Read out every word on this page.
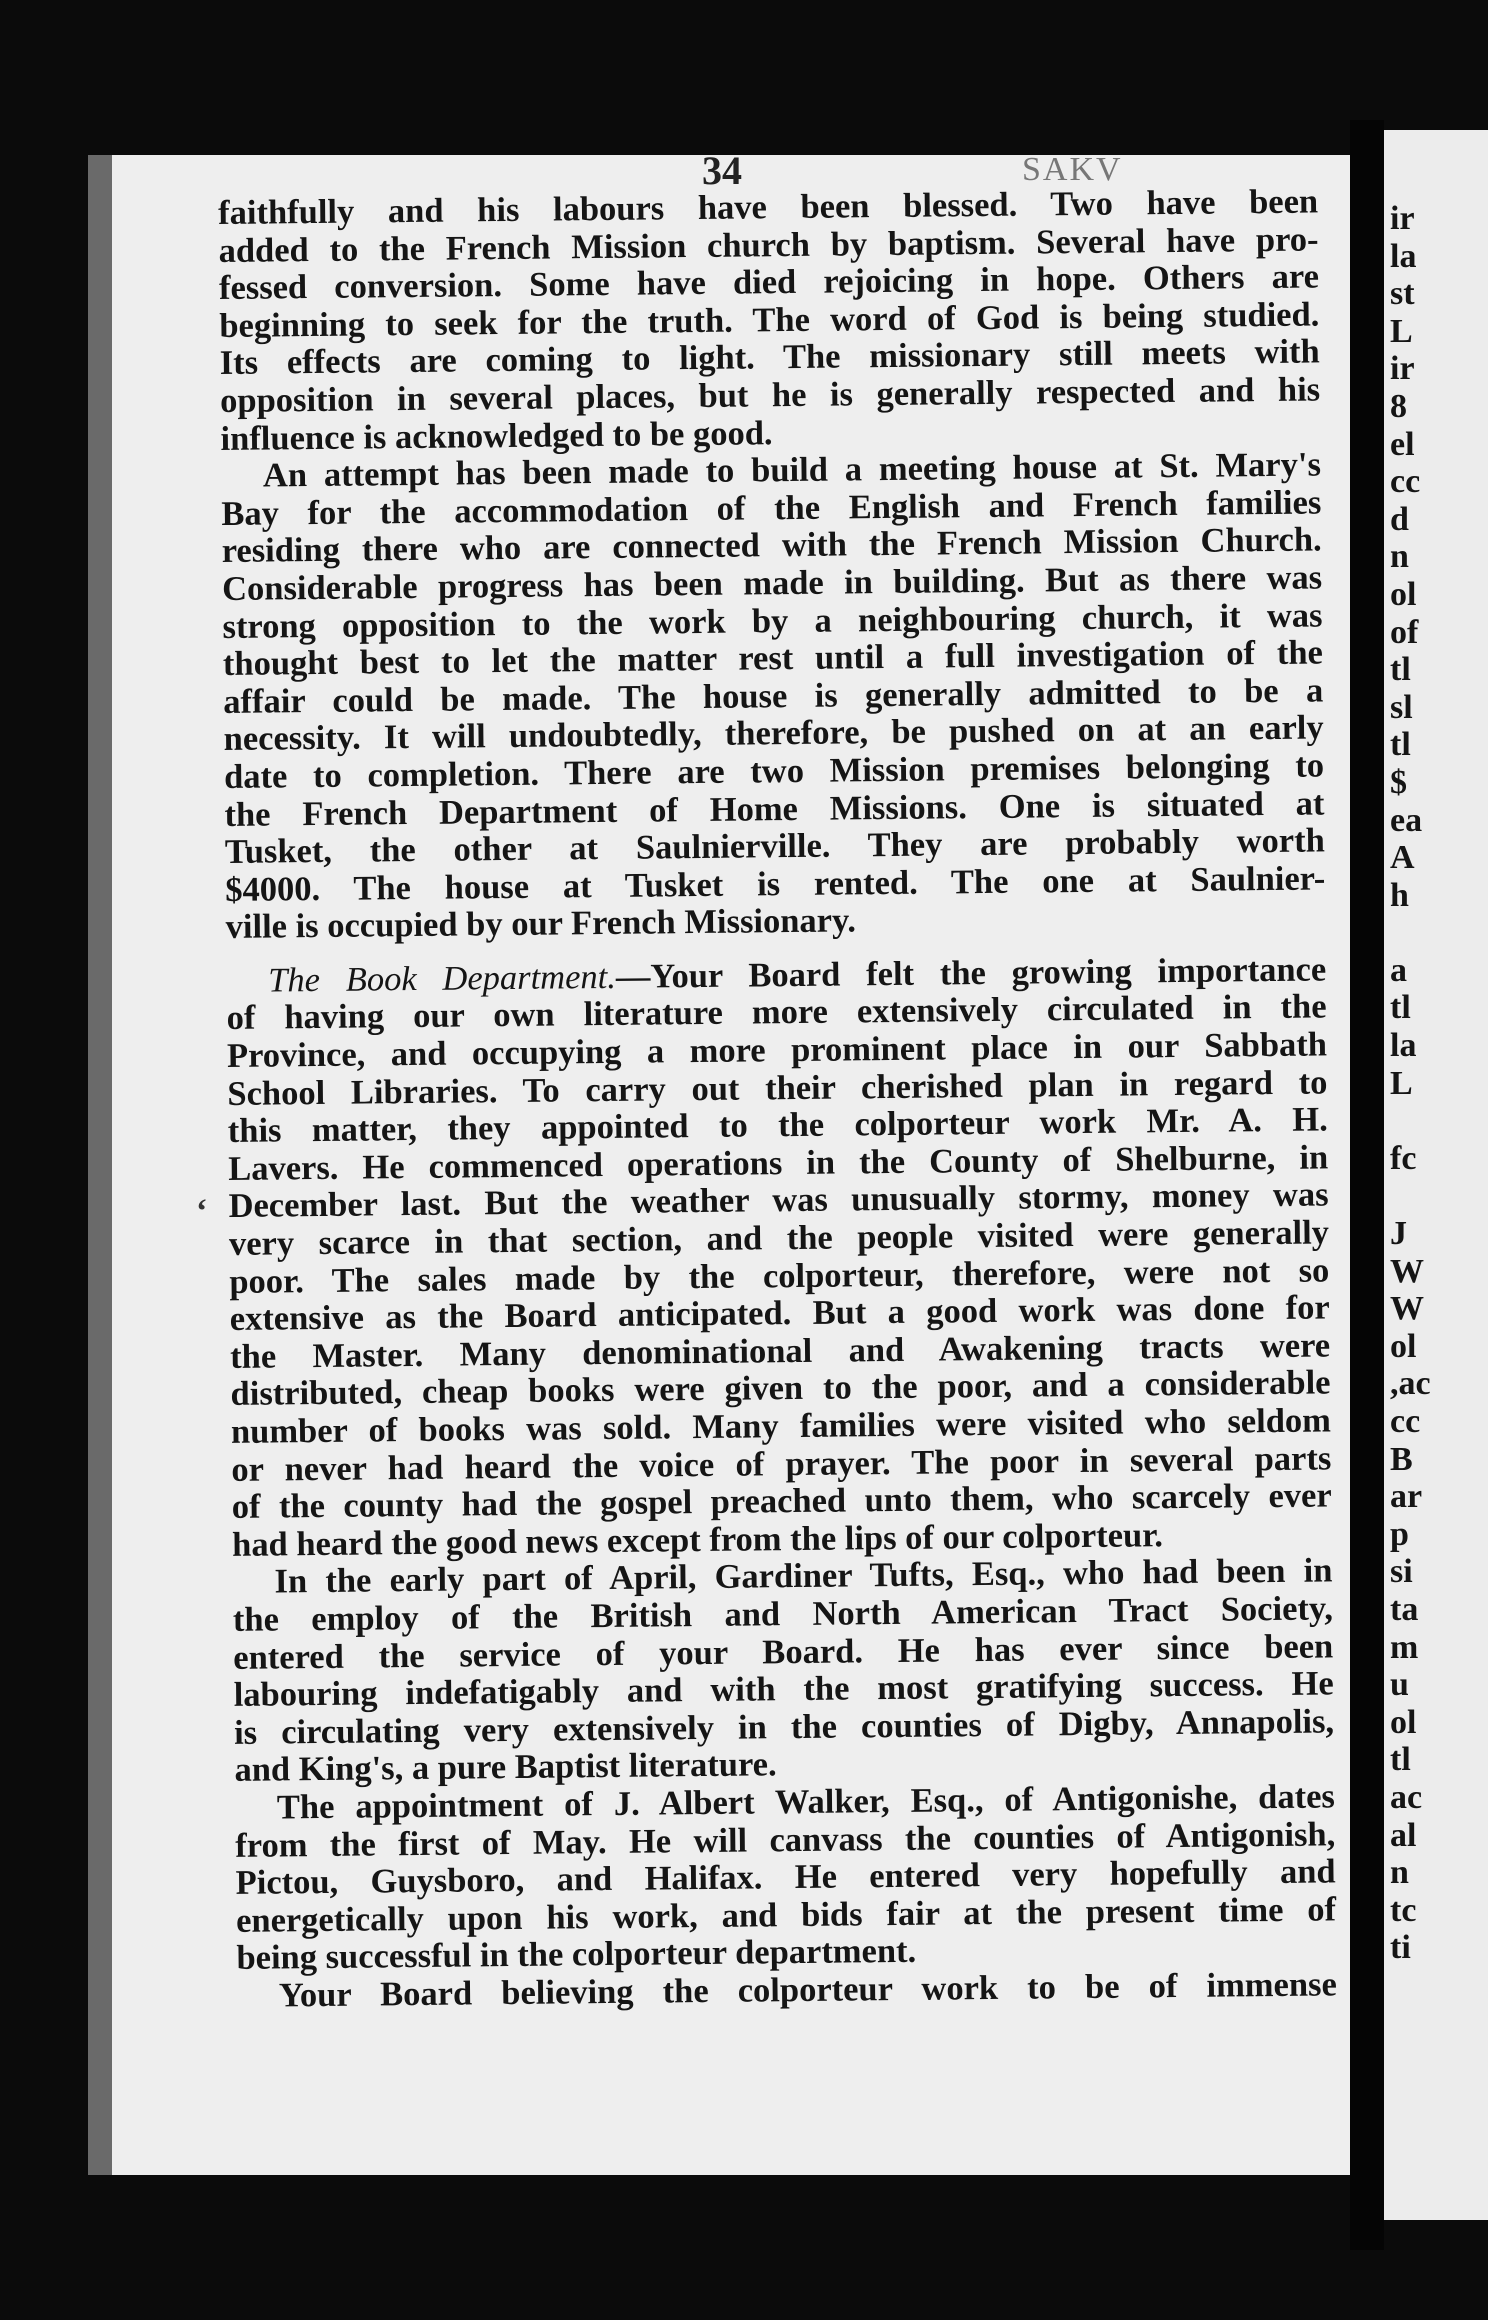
34	SAKV
faithfully and his labours have been blessed. Two have been
added to the French Mission church by baptism. Several have pro-
fessed conversion. Some have died rejoicing in hope. Others are
beginning to seek for the truth. The word of God is being studied.
Its effects are coming to light. The missionary still meets with
opposition in several places, but he is generally respected and his
influence is acknowledged to be good.
An attempt has been made to build a meeting house at St. Mary's
Bay for the accommodation of the English and French families
residing there who are connected with the French Mission Church.
Considerable progress has been made in building. But as there was
strong opposition to the work by a neighbouring church, it was
thought best to let the matter rest until a full investigation of the
affair could be made. The house is generally admitted to be a
necessity. It will undoubtedly, therefore, be pushed on at an early
date to completion. There are two Mission premises belonging to
the French Department of Home Missions. One is situated at
Tusket, the other at Saulnierville. They are probably worth
$4000. The house at Tusket is rented. The one at Saulnier-
ville is occupied by our French Missionary.
The Book Department.—Your Board felt the growing importance
of having our own literature more extensively circulated in the
Province, and occupying a more prominent place in our Sabbath
School Libraries. To carry out their cherished plan in regard to
this matter, they appointed to the colporteur work Mr. A. H.
Lavers. He commenced operations in the County of Shelburne, in
December last. But the weather was unusually stormy, money was
very scarce in that section, and the people visited were generally
poor. The sales made by the colporteur, therefore, were not so
extensive as the Board anticipated. But a good work was done for
the Master. Many denominational and Awakening tracts were
distributed, cheap books were given to the poor, and a considerable
number of books was sold. Many families were visited who seldom
or never had heard the voice of prayer. The poor in several parts
of the county had the gospel preached unto them, who scarcely ever
had heard the good news except from the lips of our colporteur.
In the early part of April, Gardiner Tufts, Esq., who had been in
the employ of the British and North American Tract Society,
entered the service of your Board. He has ever since been
labouring indefatigably and with the most gratifying success. He
is circulating very extensively in the counties of Digby, Annapolis,
and King's, a pure Baptist literature.
The appointment of J. Albert Walker, Esq., of Antigonishe, dates
from the first of May. He will canvass the counties of Antigonish,
Pictou, Guysboro, and Halifax. He entered very hopefully and
energetically upon his work, and bids fair at the present time of
being successful in the colporteur department.
Your Board believing the colporteur work to be of immense
‘
ir
la
st
L
ir
8
el
cc
d
n
ol
of
tl
sl
tl
$
ea
A
h

a
tl
la
L

fc

J
W
W
ol
,ac
cc
B
ar
p
si
ta
m
u
ol
tl
ac
al
n
tc
ti
